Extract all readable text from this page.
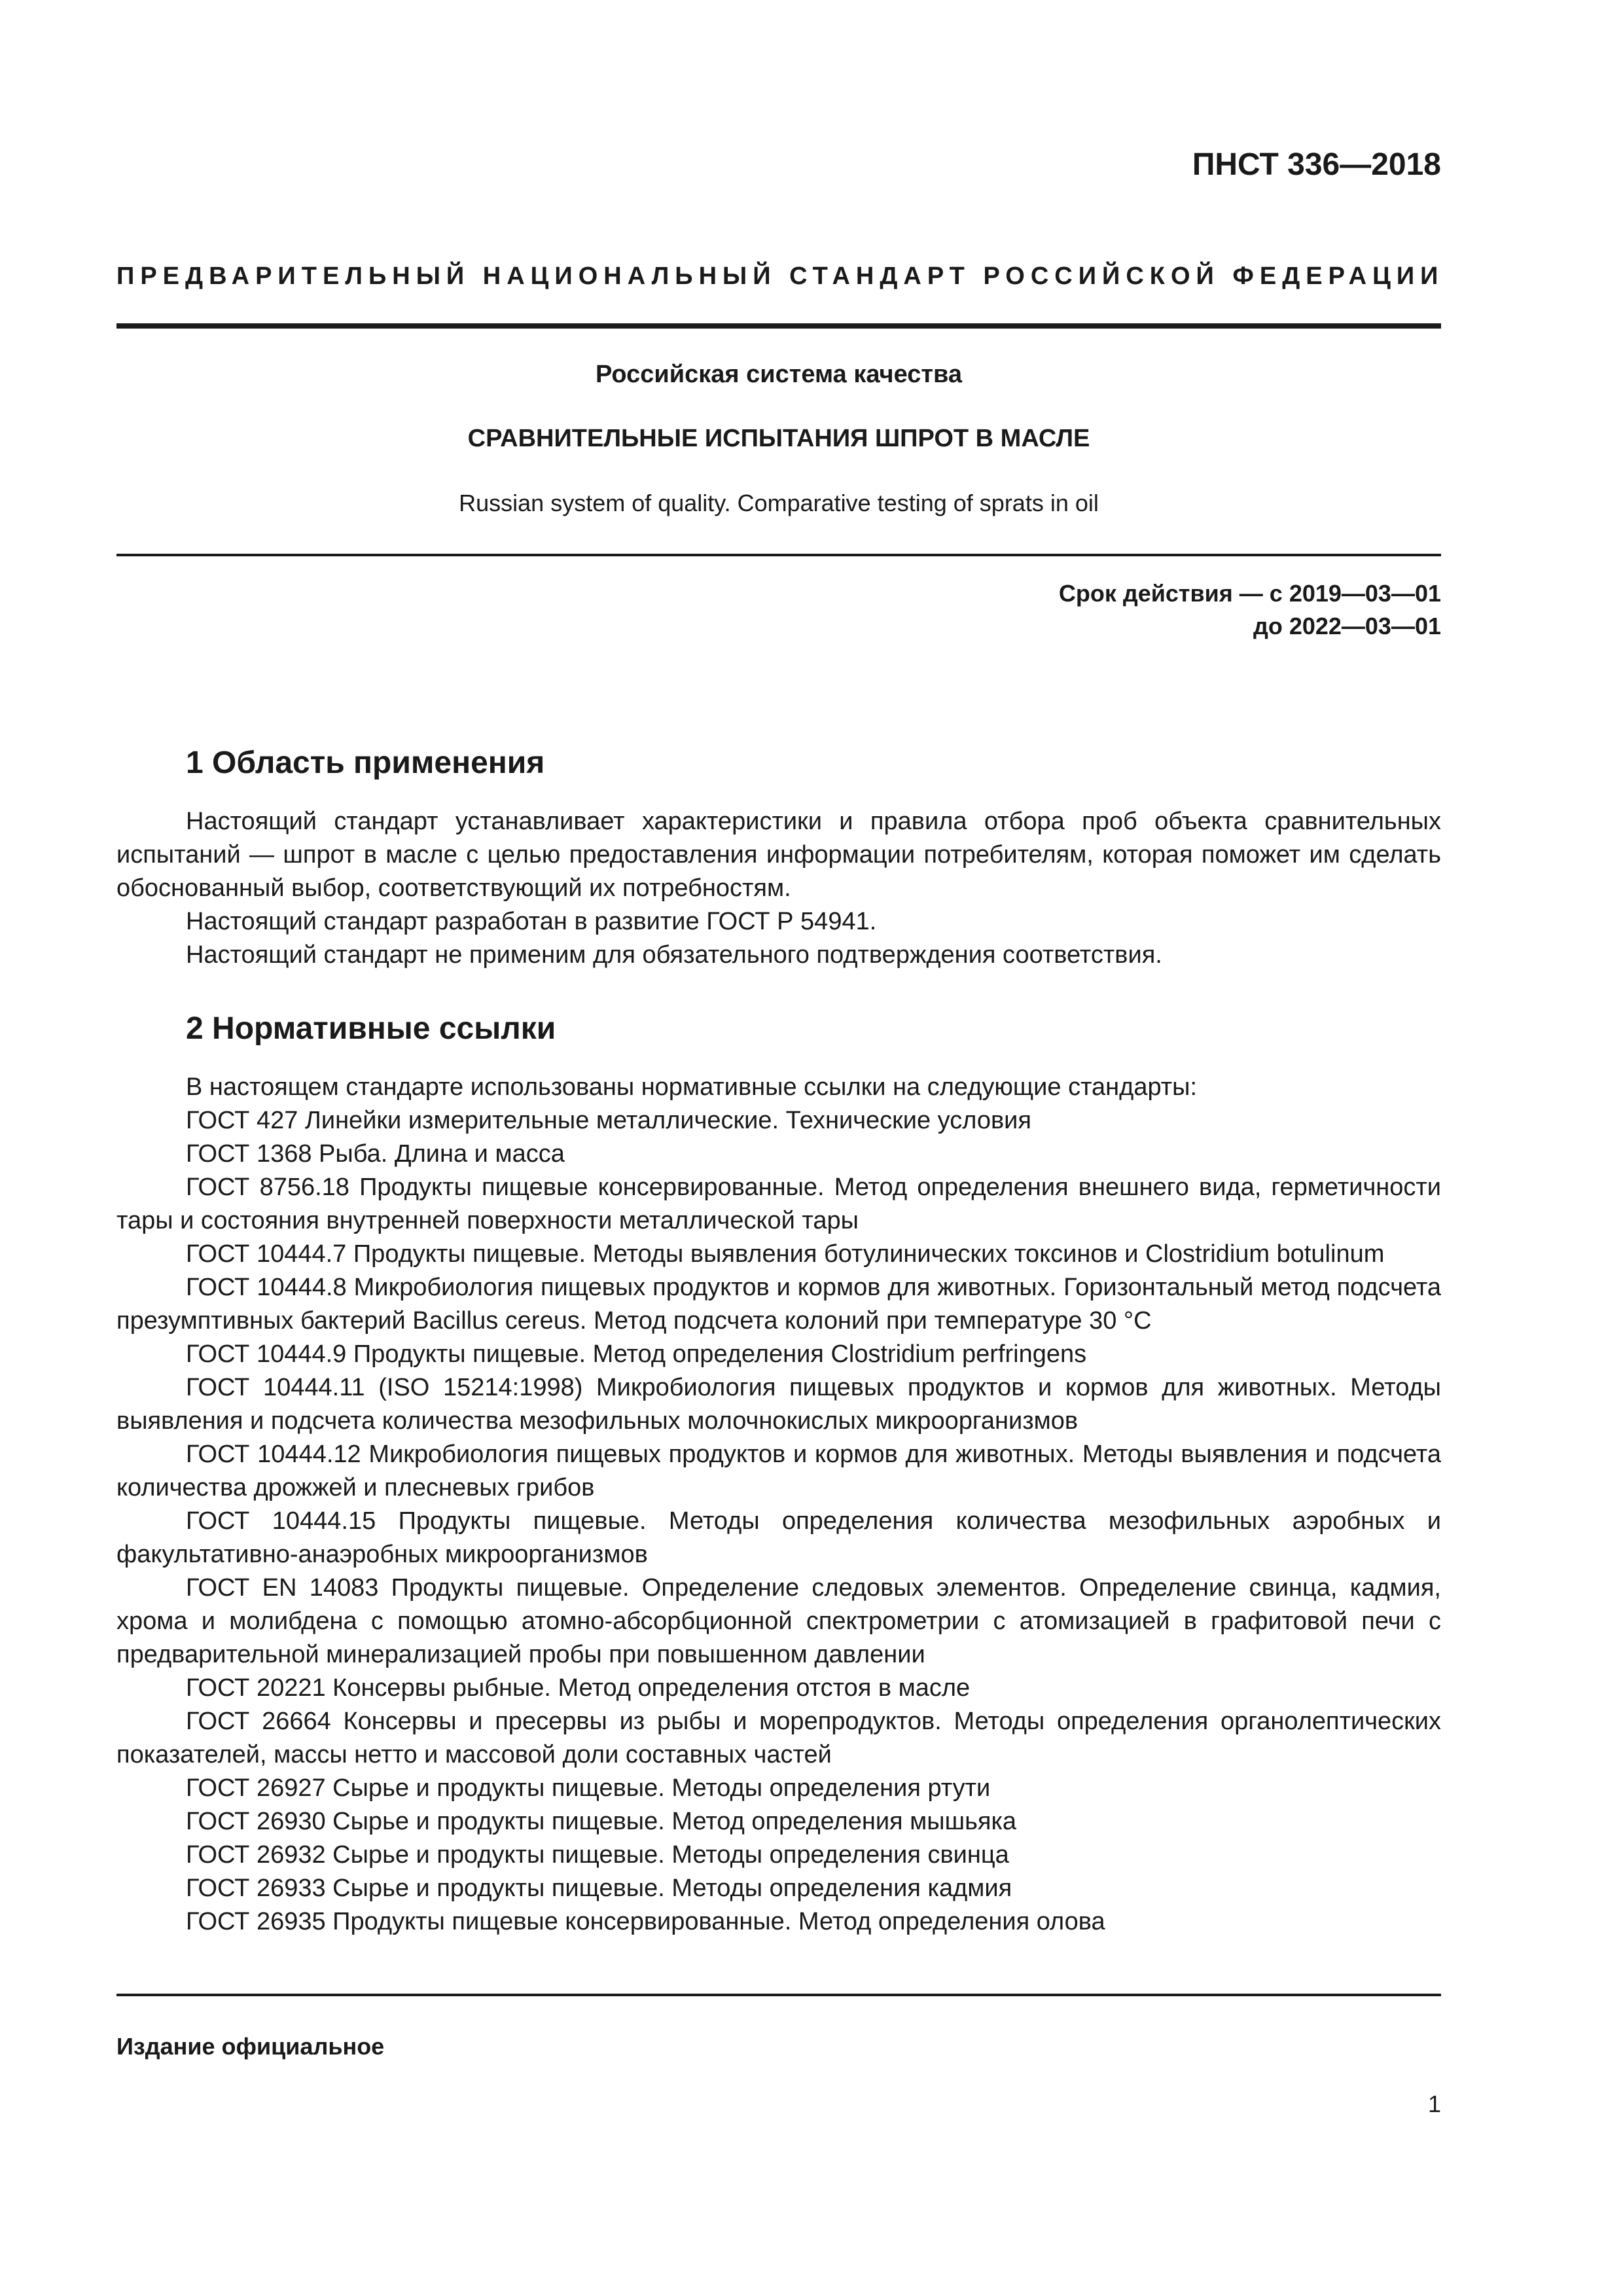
ПНСТ 336—2018
ПРЕДВАРИТЕЛЬНЫЙ НАЦИОНАЛЬНЫЙ СТАНДАРТ РОССИЙСКОЙ ФЕДЕРАЦИИ
Российская система качества
СРАВНИТЕЛЬНЫЕ ИСПЫТАНИЯ ШПРОТ В МАСЛЕ
Russian system of quality. Comparative testing of sprats in oil
Срок действия — с 2019—03—01
до 2022—03—01
1 Область применения

Настоящий стандарт устанавливает характеристики и правила отбора проб объекта сравнительных испытаний — шпрот в масле с целью предоставления информации потребителям, которая поможет им сделать обоснованный выбор, соответствующий их потребностям.

Настоящий стандарт разработан в развитие ГОСТ Р 54941.

Настоящий стандарт не применим для обязательного подтверждения соответствия.

2 Нормативные ссылки

В настоящем стандарте использованы нормативные ссылки на следующие стандарты:

ГОСТ 427 Линейки измерительные металлические. Технические условия

ГОСТ 1368 Рыба. Длина и масса

ГОСТ 8756.18 Продукты пищевые консервированные. Метод определения внешнего вида, герметичности тары и состояния внутренней поверхности металлической тары

ГОСТ 10444.7 Продукты пищевые. Методы выявления ботулинических токсинов и Clostridium botulinum

ГОСТ 10444.8 Микробиология пищевых продуктов и кормов для животных. Горизонтальный метод подсчета презумптивных бактерий Bacillus cereus. Метод подсчета колоний при температуре 30 °С

ГОСТ 10444.9 Продукты пищевые. Метод определения Clostridium perfringens

ГОСТ 10444.11 (ISO 15214:1998) Микробиология пищевых продуктов и кормов для животных. Методы выявления и подсчета количества мезофильных молочнокислых микроорганизмов

ГОСТ 10444.12 Микробиология пищевых продуктов и кормов для животных. Методы выявления и подсчета количества дрожжей и плесневых грибов

ГОСТ 10444.15 Продукты пищевые. Методы определения количества мезофильных аэробных и факультативно-анаэробных микроорганизмов

ГОСТ EN 14083 Продукты пищевые. Определение следовых элементов. Определение свинца, кадмия, хрома и молибдена с помощью атомно-абсорбционной спектрометрии с атомизацией в графитовой печи с предварительной минерализацией пробы при повышенном давлении

ГОСТ 20221 Консервы рыбные. Метод определения отстоя в масле

ГОСТ 26664 Консервы и пресервы из рыбы и морепродуктов. Методы определения органолептических показателей, массы нетто и массовой доли составных частей

ГОСТ 26927 Сырье и продукты пищевые. Методы определения ртути

ГОСТ 26930 Сырье и продукты пищевые. Метод определения мышьяка

ГОСТ 26932 Сырье и продукты пищевые. Методы определения свинца

ГОСТ 26933 Сырье и продукты пищевые. Методы определения кадмия

ГОСТ 26935 Продукты пищевые консервированные. Метод определения олова

Издание официальное
1
